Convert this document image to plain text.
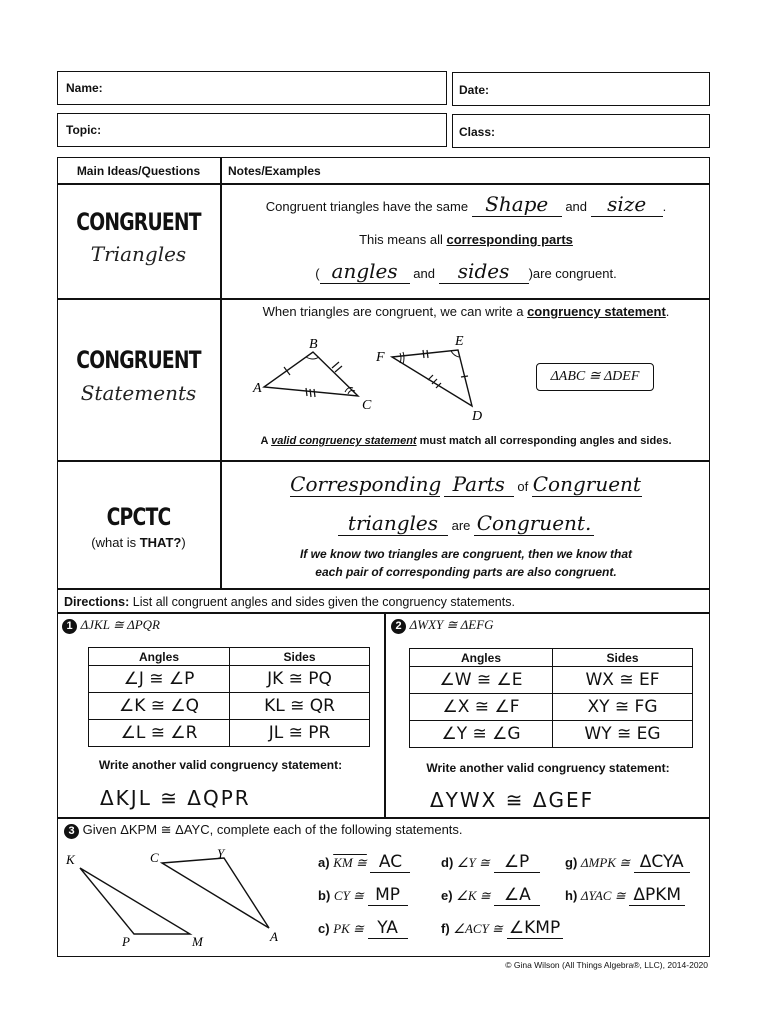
Name:	Date:
Topic:	Class:
Main Ideas/Questions	Notes/Examples
CONGRUENT
Triangles
Congruent triangles have the same Shape and size .
This means all corresponding parts
( angles and sides )are congruent.
CONGRUENT
Statements
When triangles are congruent, we can write a congruency statement.
A
B
C
F
E
D
ΔABC ≅ ΔDEF
A valid congruency statement must match all corresponding angles and sides.
CPCTC
(what is THAT?)
Corresponding Parts of Congruent
triangles are Congruent.
If we know two triangles are congruent, then we know that
each pair of corresponding parts are also congruent.
Directions: List all congruent angles and sides given the congruency statements.
1 ΔJKL ≅ ΔPQR
Angles	Sides
∠J ≅ ∠P	JK ≅ PQ
∠K ≅ ∠Q	KL ≅ QR
∠L ≅ ∠R	JL ≅ PR
Write another valid congruency statement:
ΔKJL ≅ ΔQPR
2 ΔWXY ≅ ΔEFG
Angles	Sides
∠W ≅ ∠E	WX ≅ EF
∠X ≅ ∠F	XY ≅ FG
∠Y ≅ ∠G	WY ≅ EG
Write another valid congruency statement:
ΔYWX ≅ ΔGEF
3 Given ΔKPM ≅ ΔAYC, complete each of the following statements.
K	C	Y
P	M	A
a) KM ≅ AC
b) CY ≅ MP
c) PK ≅ YA
d) ∠Y ≅ ∠P
e) ∠K ≅ ∠A
f) ∠ACY ≅ ∠KMP
g) ΔMPK ≅ ΔCYA
h) ΔYAC ≅ ΔPKM
© Gina Wilson (All Things Algebra®, LLC), 2014-2020
